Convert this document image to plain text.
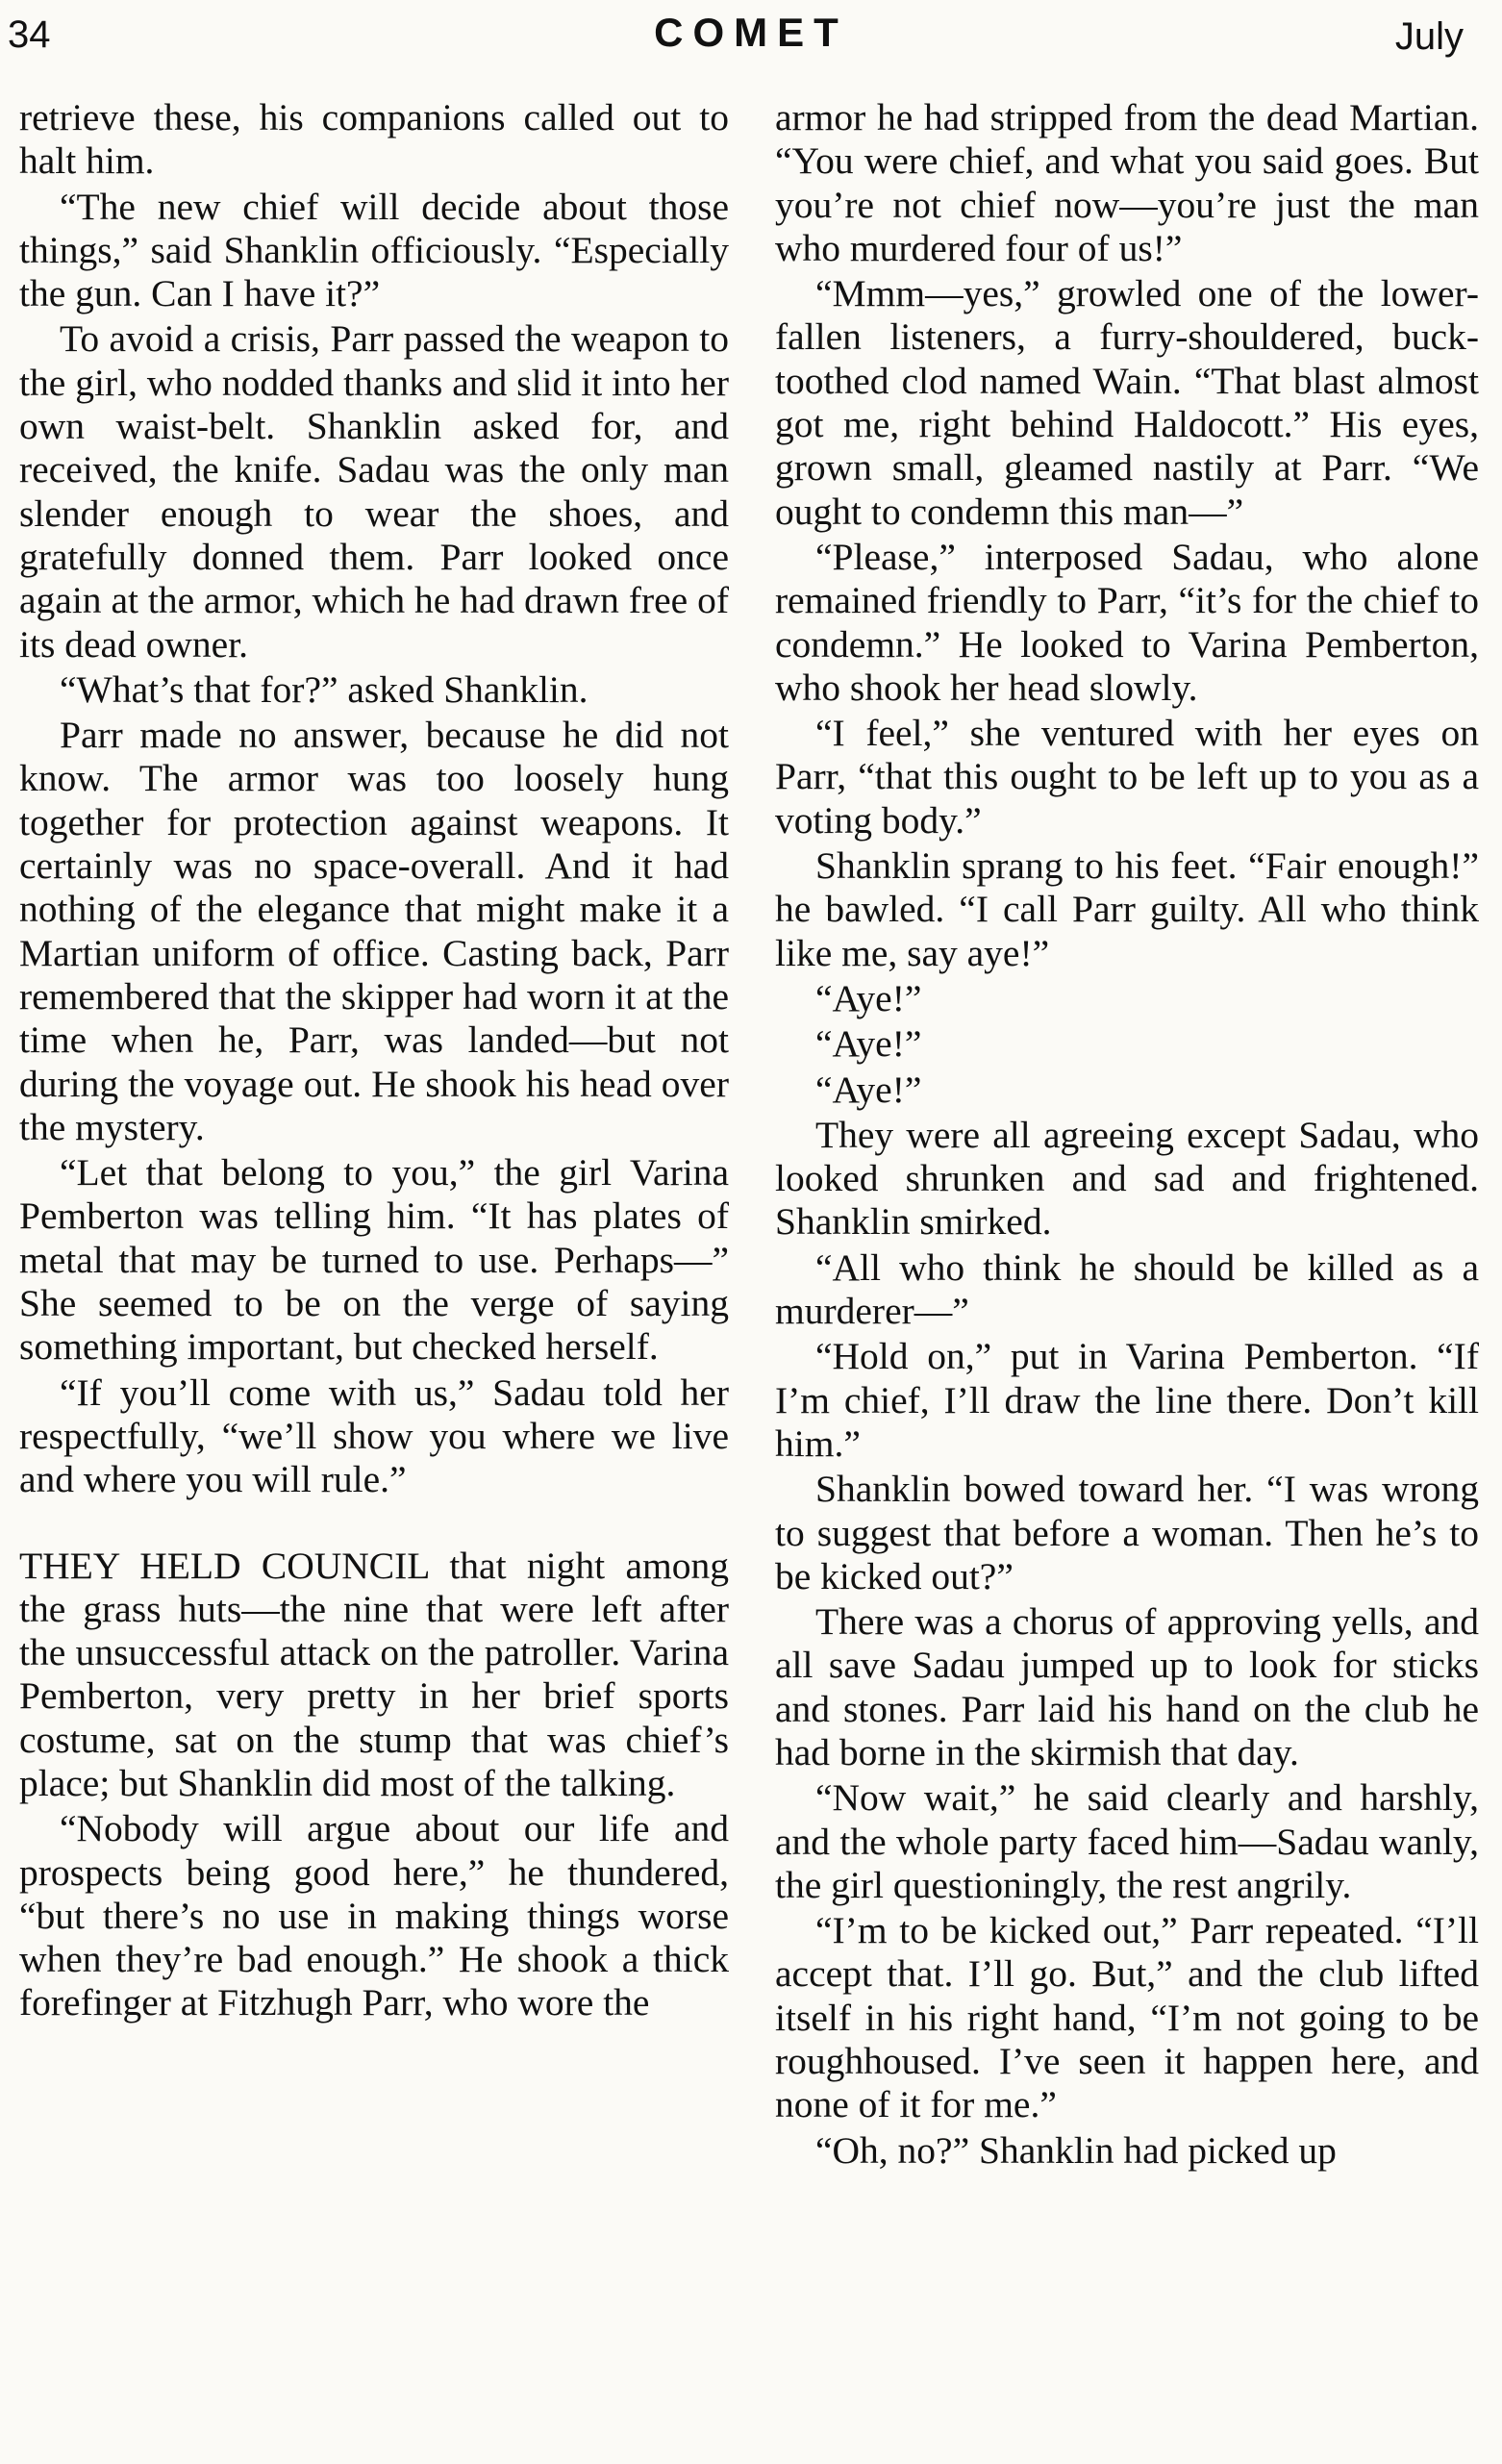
34	COMET	July

retrieve these, his companions called out to halt him.

“The new chief will decide about those things,” said Shanklin officiously. “Especially the gun. Can I have it?”

To avoid a crisis, Parr passed the weapon to the girl, who nodded thanks and slid it into her own waist-belt. Shanklin asked for, and received, the knife. Sadau was the only man slender enough to wear the shoes, and gratefully donned them. Parr looked once again at the armor, which he had drawn free of its dead owner.

“What’s that for?” asked Shanklin.

Parr made no answer, because he did not know. The armor was too loosely hung together for protection against weapons. It certainly was no space-overall. And it had nothing of the elegance that might make it a Martian uniform of office. Casting back, Parr remembered that the skipper had worn it at the time when he, Parr, was landed—but not during the voyage out. He shook his head over the mystery.

“Let that belong to you,” the girl Varina Pemberton was telling him. “It has plates of metal that may be turned to use. Perhaps—” She seemed to be on the verge of saying something important, but checked herself.

“If you’ll come with us,” Sadau told her respectfully, “we’ll show you where we live and where you will rule.”

THEY HELD COUNCIL that night among the grass huts—the nine that were left after the unsuccessful attack on the patroller. Varina Pemberton, very pretty in her brief sports costume, sat on the stump that was chief’s place; but Shanklin did most of the talking.

“Nobody will argue about our life and prospects being good here,” he thundered, “but there’s no use in making things worse when they’re bad enough.” He shook a thick forefinger at Fitzhugh Parr, who wore the

armor he had stripped from the dead Martian. “You were chief, and what you said goes. But you’re not chief now—you’re just the man who murdered four of us!”

“Mmm—yes,” growled one of the lower-fallen listeners, a furry-shouldered, buck-toothed clod named Wain. “That blast almost got me, right behind Haldocott.” His eyes, grown small, gleamed nastily at Parr. “We ought to condemn this man—”

“Please,” interposed Sadau, who alone remained friendly to Parr, “it’s for the chief to condemn.” He looked to Varina Pemberton, who shook her head slowly.

“I feel,” she ventured with her eyes on Parr, “that this ought to be left up to you as a voting body.”

Shanklin sprang to his feet. “Fair enough!” he bawled. “I call Parr guilty. All who think like me, say aye!”

“Aye!”

“Aye!”

“Aye!”

They were all agreeing except Sadau, who looked shrunken and sad and frightened. Shanklin smirked.

“All who think he should be killed as a murderer—”

“Hold on,” put in Varina Pemberton. “If I’m chief, I’ll draw the line there. Don’t kill him.”

Shanklin bowed toward her. “I was wrong to suggest that before a woman. Then he’s to be kicked out?”

There was a chorus of approving yells, and all save Sadau jumped up to look for sticks and stones. Parr laid his hand on the club he had borne in the skirmish that day.

“Now wait,” he said clearly and harshly, and the whole party faced him—Sadau wanly, the girl questioningly, the rest angrily.

“I’m to be kicked out,” Parr repeated. “I’ll accept that. I’ll go. But,” and the club lifted itself in his right hand, “I’m not going to be roughhoused. I’ve seen it happen here, and none of it for me.”

“Oh, no?” Shanklin had picked up
